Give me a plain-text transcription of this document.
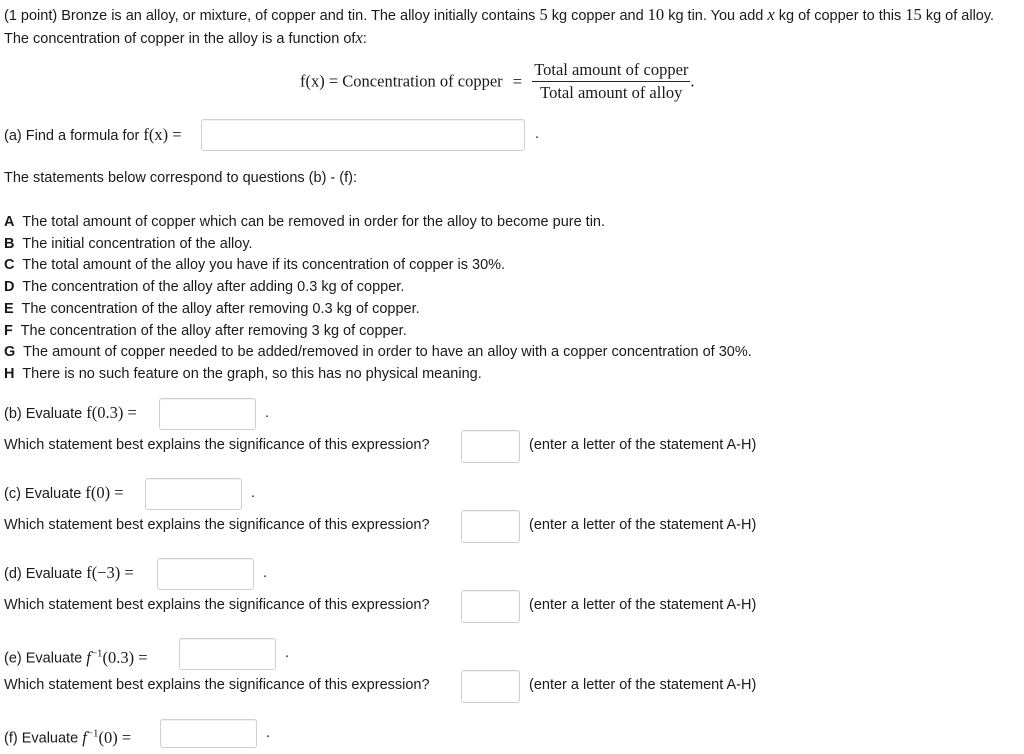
(1 point) Bronze is an alloy, or mixture, of copper and tin. The alloy initially contains 5 kg copper and 10 kg tin. You add x kg of copper to this 15 kg of alloy. The concentration of copper in the alloy is a function ofx:
f(x) = Concentration of copper = $\frac{\text{Total amount of copper}}{\text{Total amount of alloy}}$ .
(a) Find a formula for f(x) =	.
The statements below correspond to questions (b) - (f):
A The total amount of copper which can be removed in order for the alloy to become pure tin.
B The initial concentration of the alloy.
C The total amount of the alloy you have if its concentration of copper is 30%.
D The concentration of the alloy after adding 0.3 kg of copper.
E The concentration of the alloy after removing 0.3 kg of copper.
F The concentration of the alloy after removing 3 kg of copper.
G The amount of copper needed to be added/removed in order to have an alloy with a copper concentration of 30%.
H There is no such feature on the graph, so this has no physical meaning.
(b) Evaluate f(0.3) =	.
Which statement best explains the significance of this expression?	(enter a letter of the statement A-H)
(c) Evaluate f(0) =	.
Which statement best explains the significance of this expression?	(enter a letter of the statement A-H)
(d) Evaluate f(−3) =	.
Which statement best explains the significance of this expression?	(enter a letter of the statement A-H)
(e) Evaluate $f^{-1}(0.3)$ =	.
Which statement best explains the significance of this expression?	(enter a letter of the statement A-H)
(f) Evaluate $f^{-1}(0)$ =	.
